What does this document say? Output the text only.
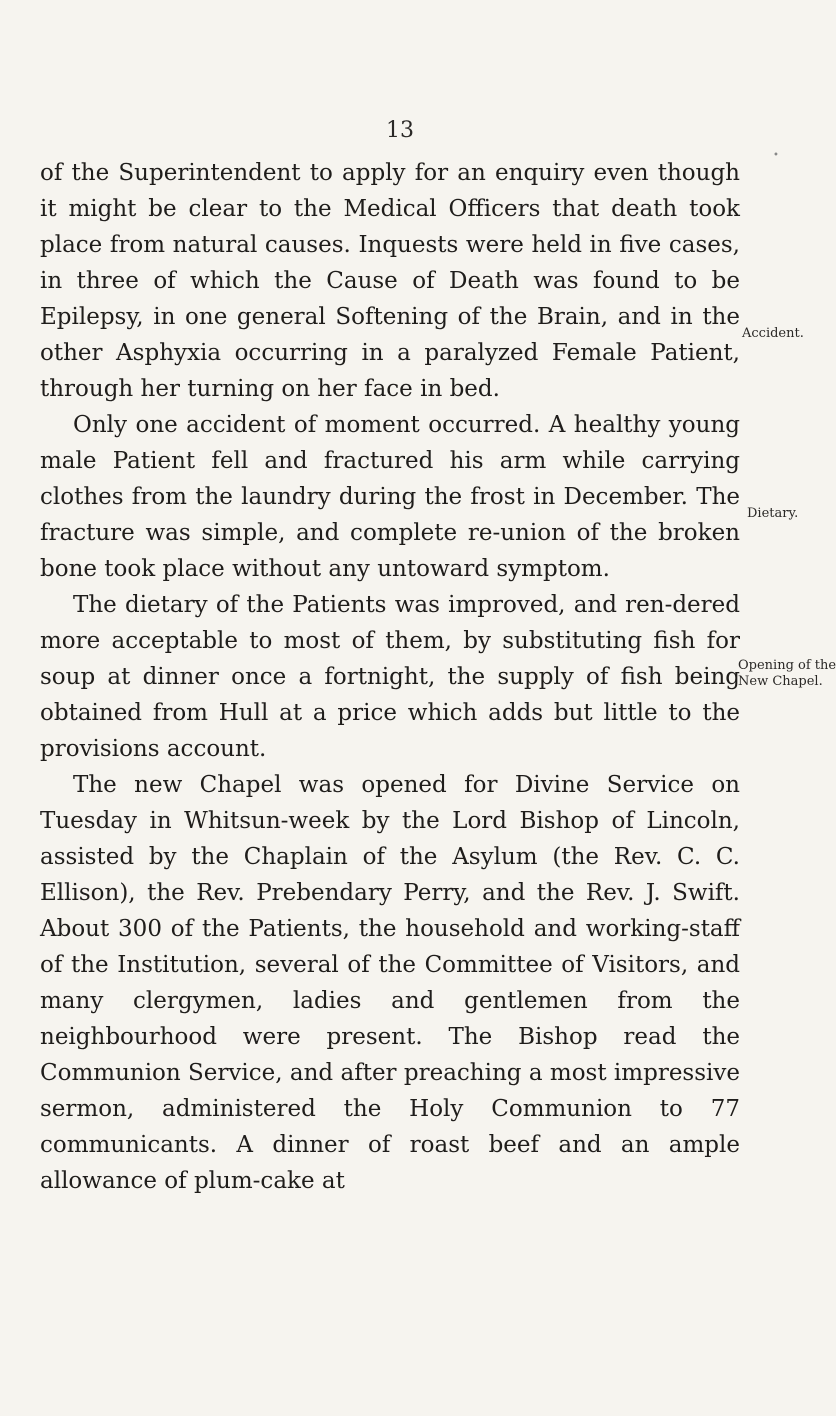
13
•

of the Superintendent to apply for an enquiry even though it might be clear to the Medical Officers that death took place from natural causes. Inquests were held in five cases, in three of which the Cause of Death was found to be Epilepsy, in one general Softening of the Brain, and in the other Asphyxia occurring in a paralyzed Female Patient, through her turning on her face in bed.

Only one accident of moment occurred. A healthy young male Patient fell and fractured his arm while carrying clothes from the laundry during the frost in December. The fracture was simple, and complete re-union of the broken bone took place without any untoward symptom.

The dietary of the Patients was improved, and ren-dered more acceptable to most of them, by substituting fish for soup at dinner once a fortnight, the supply of fish being obtained from Hull at a price which adds but little to the provisions account.

The new Chapel was opened for Divine Service on Tuesday in Whitsun-week by the Lord Bishop of Lincoln, assisted by the Chaplain of the Asylum (the Rev. C. C. Ellison), the Rev. Prebendary Perry, and the Rev. J. Swift. About 300 of the Patients, the household and working-staff of the Institution, several of the Committee of Visitors, and many clergymen, ladies and gentlemen from the neighbourhood were present. The Bishop read the Communion Service, and after preaching a most impressive sermon, administered the Holy Communion to 77 communicants. A dinner of roast beef and an ample allowance of plum-cake at

Accident.
Dietary.
Opening of the
New Chapel.
